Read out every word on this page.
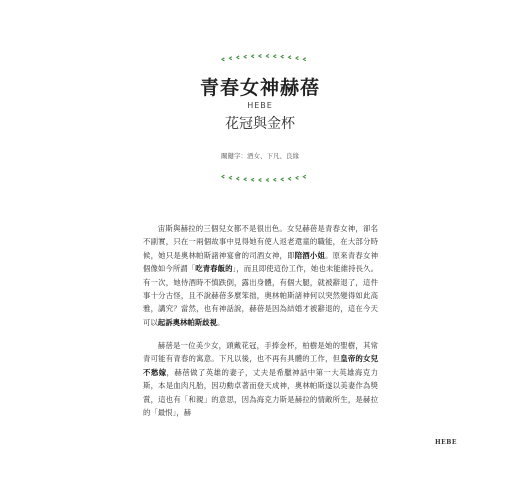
青春女神赫蓓
HEBE
花冠與金杯
關鍵字：酒女、下凡、良緣

宙斯與赫拉的三個兒女都不是很出色。女兒赫蓓是青春女神，卻名不副實，只在一兩個故事中見得她有使人返老還童的職能，在大部分時候，她只是奧林帕斯諸神宴會的司酒女神，即陪酒小姐。原來青春女神個像如今所謂「吃青春飯的」，而且即使這份工作，她也未能維持長久。有一次，她侍酒時不慎跌倒，露出身體，有個大腿，就被辭退了，這件事十分古怪，且不說赫蓓多麼笨拙，奧林帕斯諸神何以突然變得如此高雅，講究？當然，也有神話說，赫蓓是因為結婚才被辭退的，這在今天可以起訴奧林帕斯歧視。

赫蓓是一位美少女，頭戴花冠，手捧金杯，柏樹是她的聖樹，其常青可能有青春的寓意。下凡以後，也不再有具體的工作，但皇帝的女兒不愁嫁，赫蓓做了英雄的妻子，丈夫是希臘神話中第一大英雄海克力斯，本是血肉凡胎，因功勳卓著而登天成神，奧林帕斯遂以美妻作為獎賞，這也有「和親」的意思，因為海克力斯是赫拉的情敵所生，是赫拉的「最恨」，赫

HEBE
